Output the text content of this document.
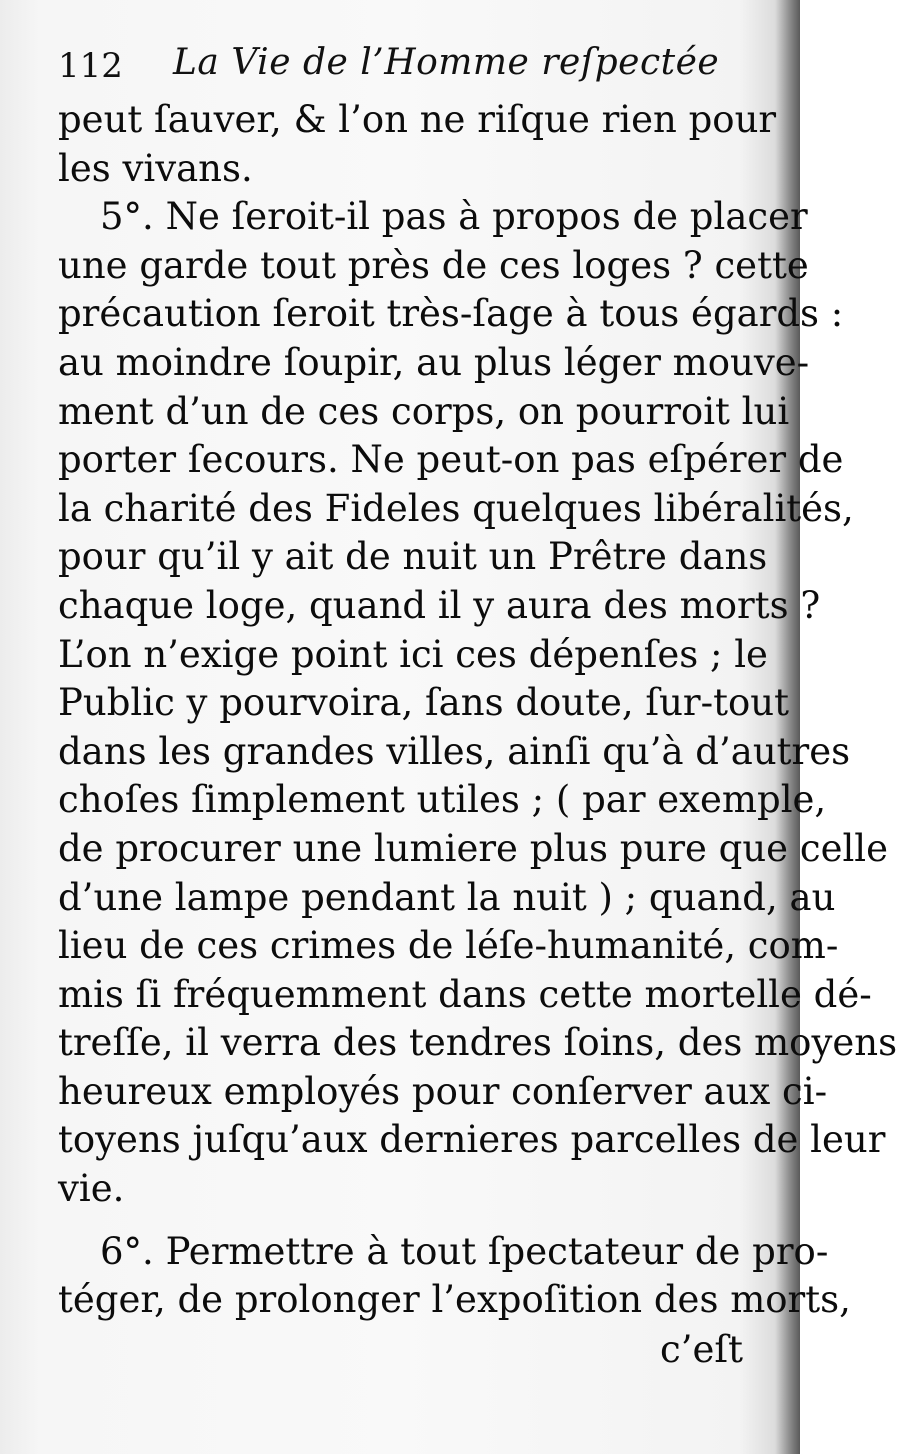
112 La Vie de l’Homme reſpectée
peut ſauver, & l’on ne riſque rien pour
les vivans.
5°. Ne ſeroit-il pas à propos de placer
une garde tout près de ces loges ? cette
précaution ſeroit très-ſage à tous égards :
au moindre ſoupir, au plus léger mouve-
ment d’un de ces corps, on pourroit lui
porter ſecours. Ne peut-on pas eſpérer de
la charité des Fideles quelques libéralités,
pour qu’il y ait de nuit un Prêtre dans
chaque loge, quand il y aura des morts ?
L’on n’exige point ici ces dépenſes ; le
Public y pourvoira, ſans doute, ſur-tout
dans les grandes villes, ainſi qu’à d’autres
choſes ſimplement utiles ; ( par exemple,
de procurer une lumiere plus pure que celle
d’une lampe pendant la nuit ) ; quand, au
lieu de ces crimes de léſe-humanité, com-
mis ſi fréquemment dans cette mortelle dé-
treſſe, il verra des tendres ſoins, des moyens
heureux employés pour conſerver aux ci-
toyens juſqu’aux dernieres parcelles de leur
vie.
6°. Permettre à tout ſpectateur de pro-
téger, de prolonger l’expoſition des morts,
c’eſt
